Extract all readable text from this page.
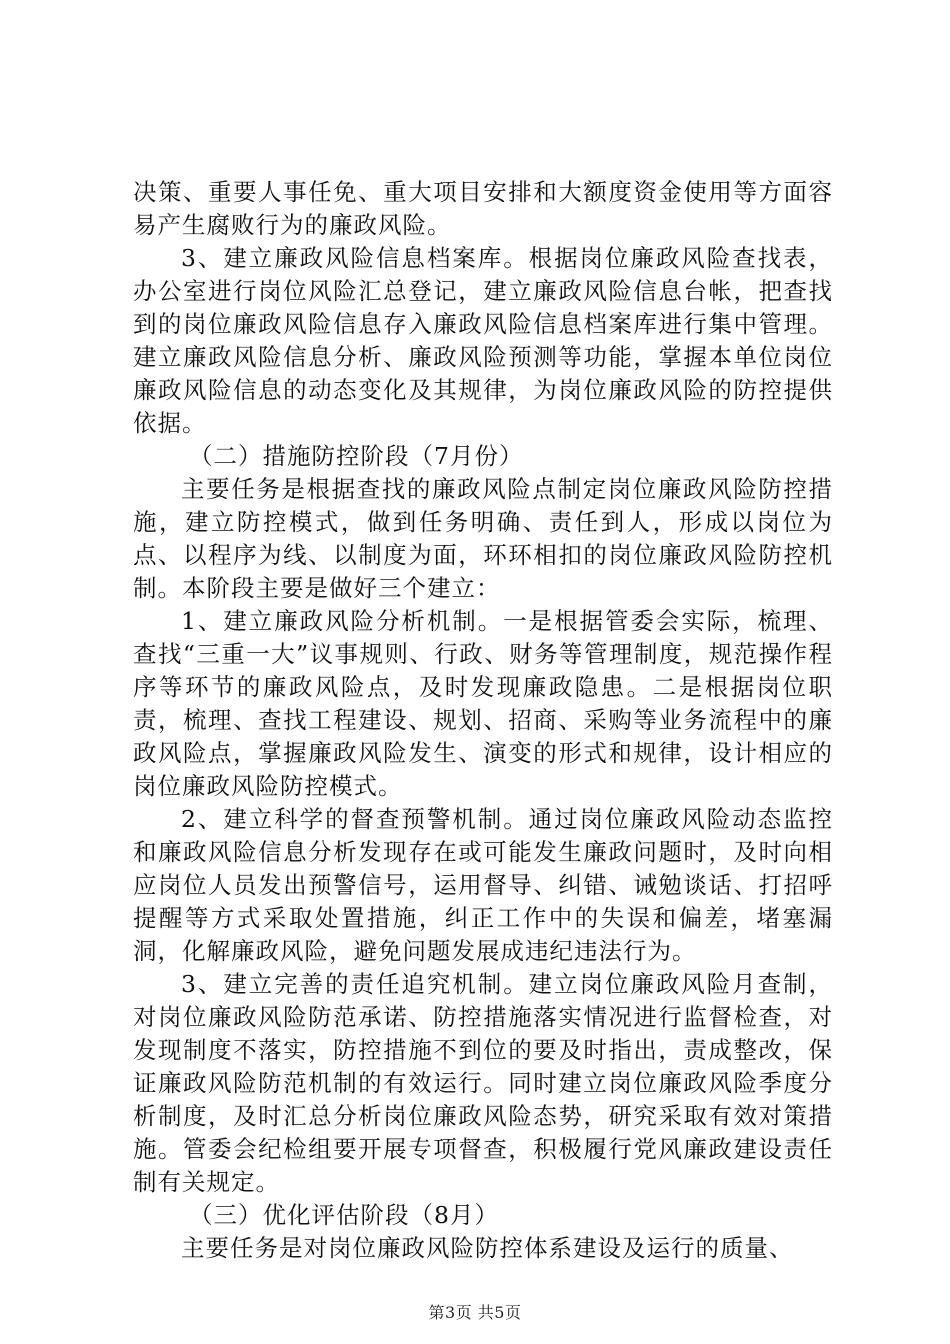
决策、重要人事任免、重大项目安排和大额度资金使用等方面容易产生腐败行为的廉政风险。

3、建立廉政风险信息档案库。根据岗位廉政风险查找表，办公室进行岗位风险汇总登记，建立廉政风险信息台帐，把查找到的岗位廉政风险信息存入廉政风险信息档案库进行集中管理。建立廉政风险信息分析、廉政风险预测等功能，掌握本单位岗位廉政风险信息的动态变化及其规律，为岗位廉政风险的防控提供依据。

（二）措施防控阶段（7月份）

主要任务是根据查找的廉政风险点制定岗位廉政风险防控措施，建立防控模式，做到任务明确、责任到人，形成以岗位为点、以程序为线、以制度为面，环环相扣的岗位廉政风险防控机制。本阶段主要是做好三个建立：

1、建立廉政风险分析机制。一是根据管委会实际，梳理、查找“三重一大”议事规则、行政、财务等管理制度，规范操作程序等环节的廉政风险点，及时发现廉政隐患。二是根据岗位职责，梳理、查找工程建设、规划、招商、采购等业务流程中的廉政风险点，掌握廉政风险发生、演变的形式和规律，设计相应的岗位廉政风险防控模式。

2、建立科学的督查预警机制。通过岗位廉政风险动态监控和廉政风险信息分析发现存在或可能发生廉政问题时，及时向相应岗位人员发出预警信号，运用督导、纠错、诫勉谈话、打招呼提醒等方式采取处置措施，纠正工作中的失误和偏差，堵塞漏洞，化解廉政风险，避免问题发展成违纪违法行为。

3、建立完善的责任追究机制。建立岗位廉政风险月查制，对岗位廉政风险防范承诺、防控措施落实情况进行监督检查，对发现制度不落实，防控措施不到位的要及时指出，责成整改，保证廉政风险防范机制的有效运行。同时建立岗位廉政风险季度分析制度，及时汇总分析岗位廉政风险态势，研究采取有效对策措施。管委会纪检组要开展专项督查，积极履行党风廉政建设责任制有关规定。

（三）优化评估阶段（8月）

主要任务是对岗位廉政风险防控体系建设及运行的质量、

第3页 共5页
